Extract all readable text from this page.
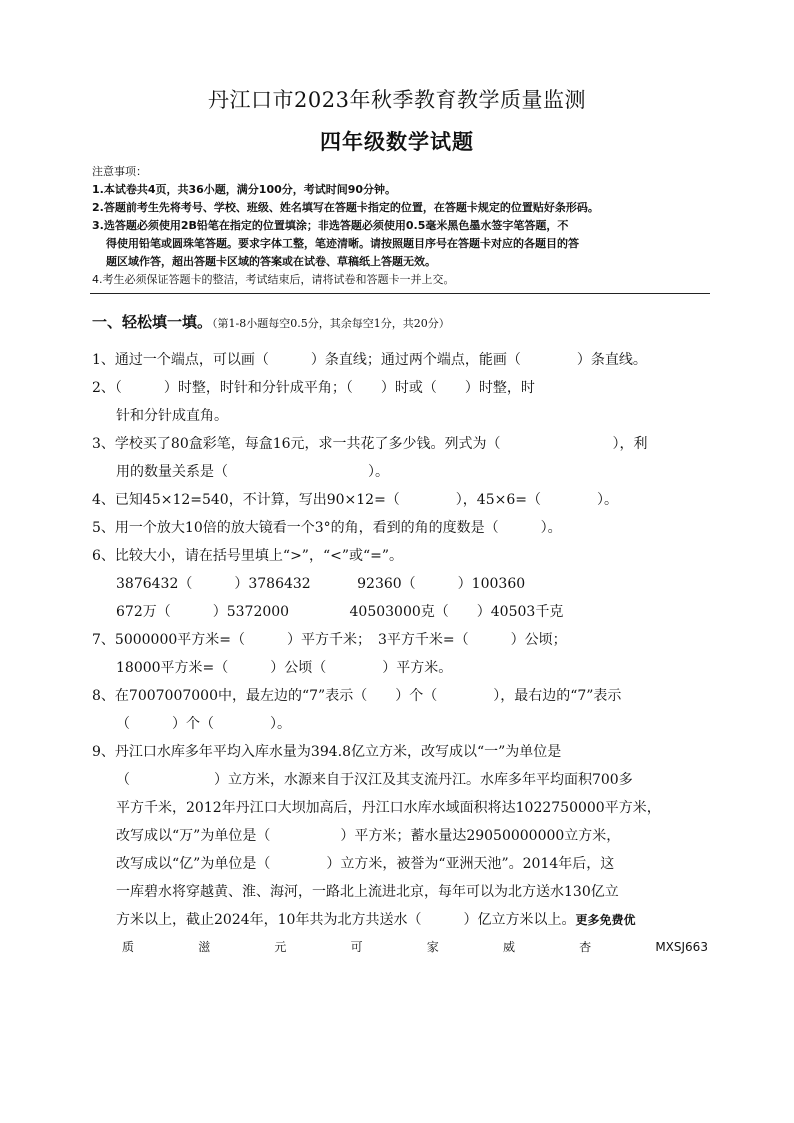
丹江口市2023年秋季教育教学质量监测
四年级数学试题
注意事项：
1.本试卷共4页，共36小题，满分100分，考试时间90分钟。
2.答题前考生先将考号、学校、班级、姓名填写在答题卡指定的位置，在答题卡规定的位置贴好条形码。
3.选答题必须使用2B铅笔在指定的位置填涂；非选答题必须使用0.5毫米黑色墨水签字笔答题，不
得使用铅笔或圆珠笔答题。要求字体工整，笔迹清晰。请按照题目序号在答题卡对应的各题目的答
题区域作答，超出答题卡区域的答案或在试卷、草稿纸上答题无效。
4.考生必须保证答题卡的整洁，考试结束后，请将试卷和答题卡一并上交。
一、轻松填一填。（第1-8小题每空0.5分，其余每空1分，共20分）
1、通过一个端点，可以画（　　　）条直线；通过两个端点，能画（　　　　）条直线。
2、（　　　）时整，时针和分针成平角；（　　）时或（　　）时整，时
针和分针成直角。
3、学校买了80盒彩笔，每盒16元，求一共花了多少钱。列式为（　　　　　　　　），利
用的数量关系是（　　　　　　　　　　）。
4、已知45×12=540，不计算，写出90×12=（　　　　），45×6=（　　　　）。
5、用一个放大10倍的放大镜看一个3°的角，看到的角的度数是（　　　）。
6、比较大小，请在括号里填上“>”，“<”或“=”。
3876432（　　　）3786432　　　 92360（　　　）100360
672万（　　　）5372000　　　　 40503000克（　　）40503千克
7、5000000平方米=（　　　）平方千米；　3平方千米=（　　　）公顷；
18000平方米=（　　　）公顷（　　　　）平方米。
8、在7007007000中，最左边的“7”表示（　　）个（　　　　），最右边的“7”表示
（　　　）个（　　　　）。
9、丹江口水库多年平均入库水量为394.8亿立方米，改写成以“一”为单位是
（　　　　　　）立方米，水源来自于汉江及其支流丹江。水库多年平均面积700多
平方千米，2012年丹江口大坝加高后，丹江口水库水域面积将达1022750000平方米，
改写成以“万”为单位是（　　　　　）平方米；蓄水量达29050000000立方米，
改写成以“亿”为单位是（　　　　）立方米，被誉为“亚洲天池”。2014年后，这
一库碧水将穿越黄、淮、海河，一路北上流进北京，每年可以为北方送水130亿立
方米以上，截止2024年，10年共为北方共送水（　　　）亿立方米以上。更多免费优
质	滋	元	可	家	威	杏	MXSJ663
